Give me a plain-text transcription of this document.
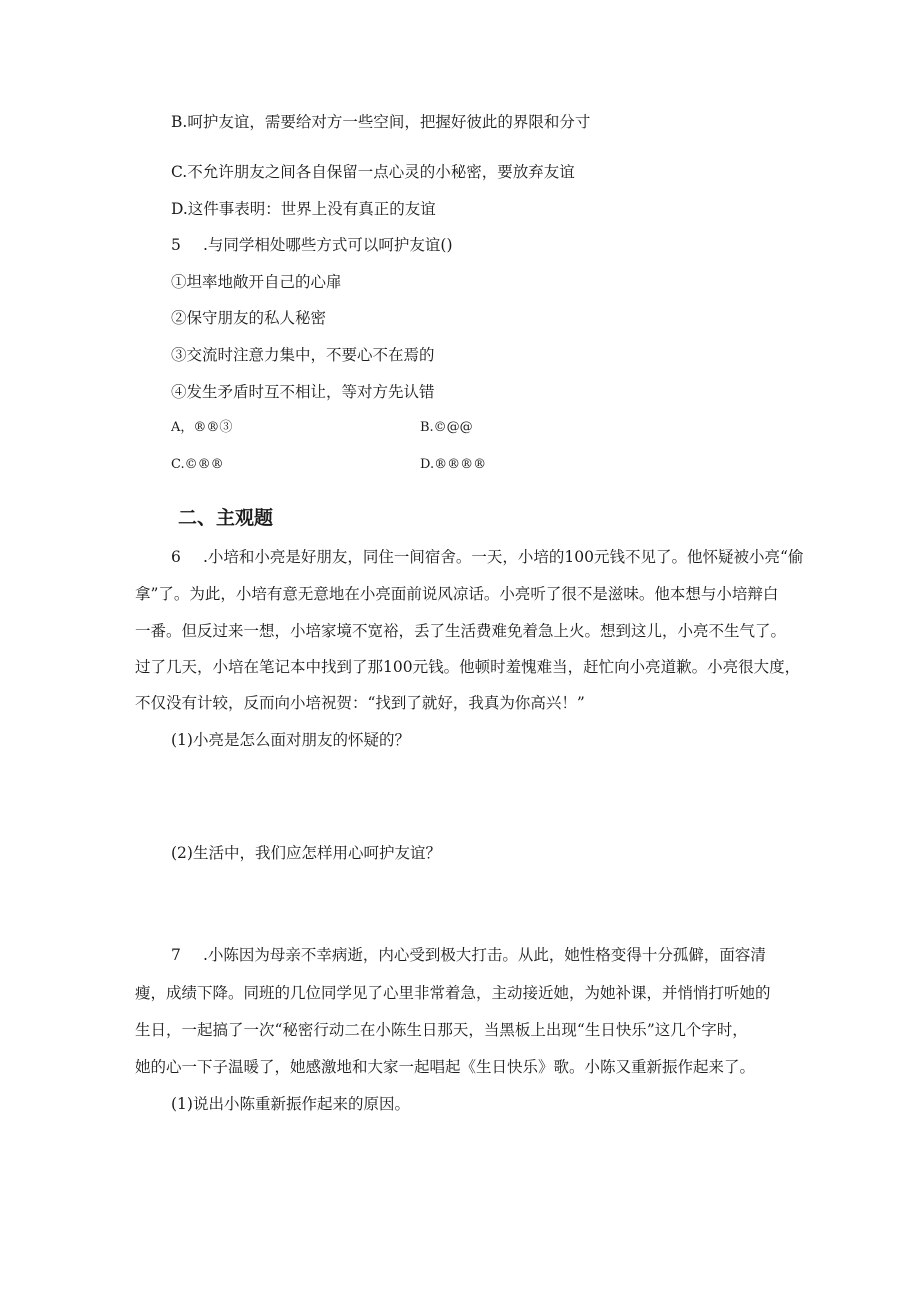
B.呵护友谊，需要给对方一些空间，把握好彼此的界限和分寸
C.不允许朋友之间各自保留一点心灵的小秘密，要放弃友谊
D.这件事表明：世界上没有真正的友谊
5 .与同学相处哪些方式可以呵护友谊()
①坦率地敞开自己的心扉
②保守朋友的私人秘密
③交流时注意力集中，不要心不在焉的
④发生矛盾时互不相让，等对方先认错
A，®®③	B.©@@
C.©®®	D.®®®®
二、主观题
6 .小培和小亮是好朋友，同住一间宿舍。一天，小培的100元钱不见了。他怀疑被小亮“偷
拿”了。为此，小培有意无意地在小亮面前说风凉话。小亮听了很不是滋味。他本想与小培辩白
一番。但反过来一想，小培家境不宽裕，丢了生活费难免着急上火。想到这儿，小亮不生气了。
过了几天，小培在笔记本中找到了那100元钱。他顿时羞愧难当，赶忙向小亮道歉。小亮很大度，
不仅没有计较，反而向小培祝贺：“找到了就好，我真为你高兴！”
(1)小亮是怎么面对朋友的怀疑的？
(2)生活中，我们应怎样用心呵护友谊？
7 .小陈因为母亲不幸病逝，内心受到极大打击。从此，她性格变得十分孤僻，面容清
瘦，成绩下降。同班的几位同学见了心里非常着急，主动接近她，为她补课，并悄悄打听她的
生日，一起搞了一次“秘密行动二在小陈生日那天，当黑板上出现“生日快乐”这几个字时，
她的心一下子温暖了，她感激地和大家一起唱起《生日快乐》歌。小陈又重新振作起来了。
(1)说出小陈重新振作起来的原因。
